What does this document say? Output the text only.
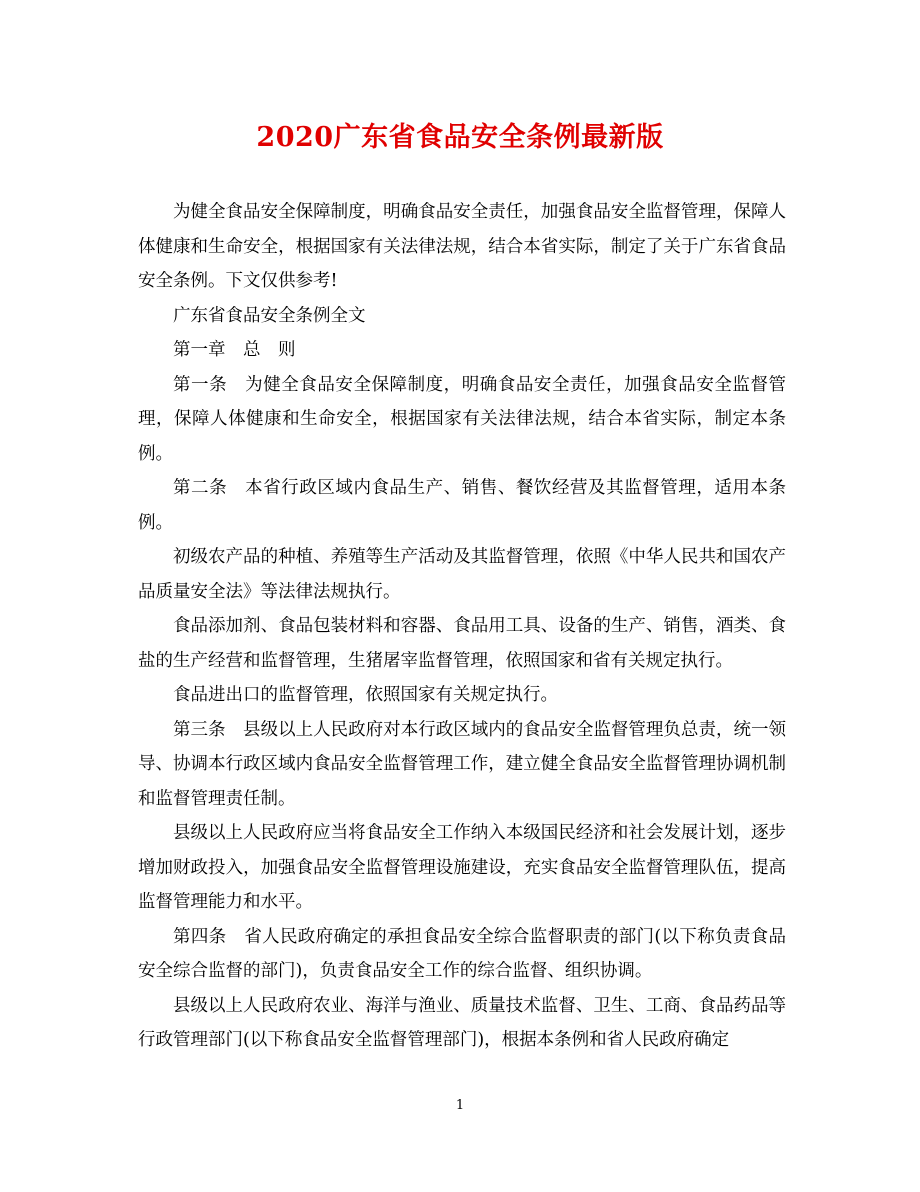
2020广东省食品安全条例最新版

为健全食品安全保障制度，明确食品安全责任，加强食品安全监督管理，保障人体健康和生命安全，根据国家有关法律法规，结合本省实际，制定了关于广东省食品安全条例。下文仅供参考!

广东省食品安全条例全文

第一章　总　则

第一条　为健全食品安全保障制度，明确食品安全责任，加强食品安全监督管理，保障人体健康和生命安全，根据国家有关法律法规，结合本省实际，制定本条例。

第二条　本省行政区域内食品生产、销售、餐饮经营及其监督管理，适用本条例。

初级农产品的种植、养殖等生产活动及其监督管理，依照《中华人民共和国农产品质量安全法》等法律法规执行。

食品添加剂、食品包装材料和容器、食品用工具、设备的生产、销售，酒类、食盐的生产经营和监督管理，生猪屠宰监督管理，依照国家和省有关规定执行。

食品进出口的监督管理，依照国家有关规定执行。

第三条　县级以上人民政府对本行政区域内的食品安全监督管理负总责，统一领导、协调本行政区域内食品安全监督管理工作，建立健全食品安全监督管理协调机制和监督管理责任制。

县级以上人民政府应当将食品安全工作纳入本级国民经济和社会发展计划，逐步增加财政投入，加强食品安全监督管理设施建设，充实食品安全监督管理队伍，提高监督管理能力和水平。

第四条　省人民政府确定的承担食品安全综合监督职责的部门(以下称负责食品安全综合监督的部门)，负责食品安全工作的综合监督、组织协调。

县级以上人民政府农业、海洋与渔业、质量技术监督、卫生、工商、食品药品等行政管理部门(以下称食品安全监督管理部门)，根据本条例和省人民政府确定

1
